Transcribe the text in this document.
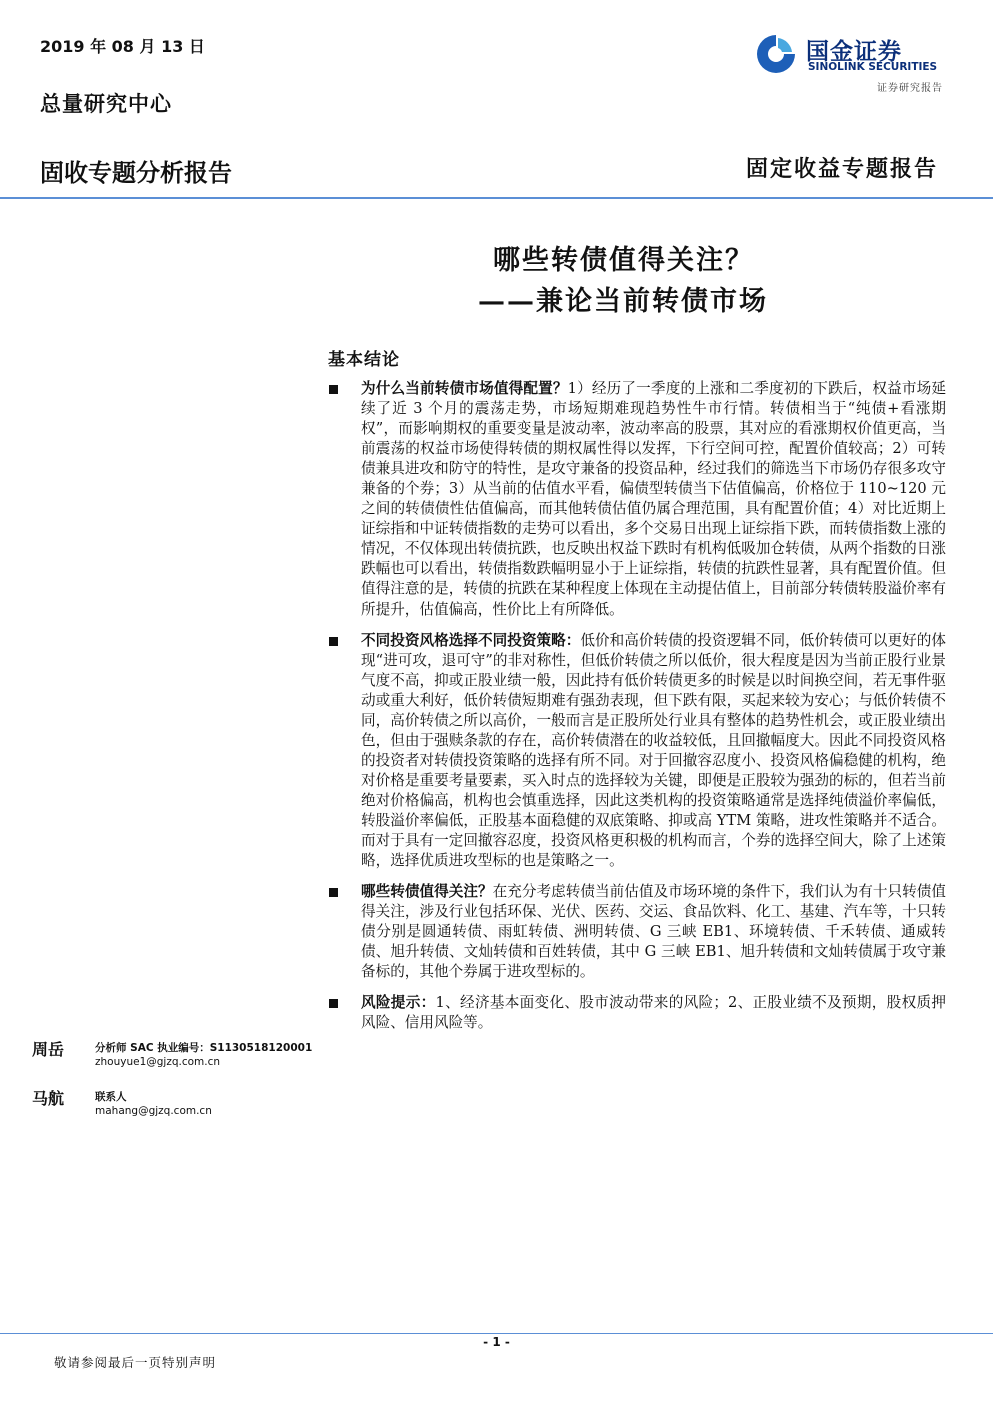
2019 年 08 月 13 日
总量研究中心
国金证券
SINOLINK SECURITIES
证券研究报告
固收专题分析报告	固定收益专题报告
哪些转债值得关注？
——兼论当前转债市场
基本结论
为什么当前转债市场值得配置？1）经历了一季度的上涨和二季度初的下跌后，权益市场延续了近 3 个月的震荡走势，市场短期难现趋势性牛市行情。转债相当于“纯债+看涨期权”，而影响期权的重要变量是波动率，波动率高的股票，其对应的看涨期权价值更高，当前震荡的权益市场使得转债的期权属性得以发挥，下行空间可控，配置价值较高；2）可转债兼具进攻和防守的特性，是攻守兼备的投资品种，经过我们的筛选当下市场仍存很多攻守兼备的个券；3）从当前的估值水平看，偏债型转债当下估值偏高，价格位于 110~120 元之间的转债债性估值偏高，而其他转债估值仍属合理范围，具有配置价值；4）对比近期上证综指和中证转债指数的走势可以看出，多个交易日出现上证综指下跌，而转债指数上涨的情况，不仅体现出转债抗跌，也反映出权益下跌时有机构低吸加仓转债，从两个指数的日涨跌幅也可以看出，转债指数跌幅明显小于上证综指，转债的抗跌性显著，具有配置价值。但值得注意的是，转债的抗跌在某种程度上体现在主动提估值上，目前部分转债转股溢价率有所提升，估值偏高，性价比上有所降低。
不同投资风格选择不同投资策略：低价和高价转债的投资逻辑不同，低价转债可以更好的体现“进可攻，退可守”的非对称性，但低价转债之所以低价，很大程度是因为当前正股行业景气度不高，抑或正股业绩一般，因此持有低价转债更多的时候是以时间换空间，若无事件驱动或重大利好，低价转债短期难有强劲表现，但下跌有限，买起来较为安心；与低价转债不同，高价转债之所以高价，一般而言是正股所处行业具有整体的趋势性机会，或正股业绩出色，但由于强赎条款的存在，高价转债潜在的收益较低，且回撤幅度大。因此不同投资风格的投资者对转债投资策略的选择有所不同。对于回撤容忍度小、投资风格偏稳健的机构，绝对价格是重要考量要素，买入时点的选择较为关键，即便是正股较为强劲的标的，但若当前绝对价格偏高，机构也会慎重选择，因此这类机构的投资策略通常是选择纯债溢价率偏低，转股溢价率偏低，正股基本面稳健的双底策略、抑或高 YTM 策略，进攻性策略并不适合。而对于具有一定回撤容忍度，投资风格更积极的机构而言，个券的选择空间大，除了上述策略，选择优质进攻型标的也是策略之一。
哪些转债值得关注？在充分考虑转债当前估值及市场环境的条件下，我们认为有十只转债值得关注，涉及行业包括环保、光伏、医药、交运、食品饮料、化工、基建、汽车等，十只转债分别是圆通转债、雨虹转债、洲明转债、G 三峡 EB1、环境转债、千禾转债、通威转债、旭升转债、文灿转债和百姓转债，其中 G 三峡 EB1、旭升转债和文灿转债属于攻守兼备标的，其他个券属于进攻型标的。
风险提示：1、经济基本面变化、股市波动带来的风险；2、正股业绩不及预期，股权质押风险、信用风险等。
周岳	分析师 SAC 执业编号：S1130518120001
zhouyue1@gjzq.com.cn
马航	联系人
mahang@gjzq.com.cn
- 1 -
敬请参阅最后一页特别声明
